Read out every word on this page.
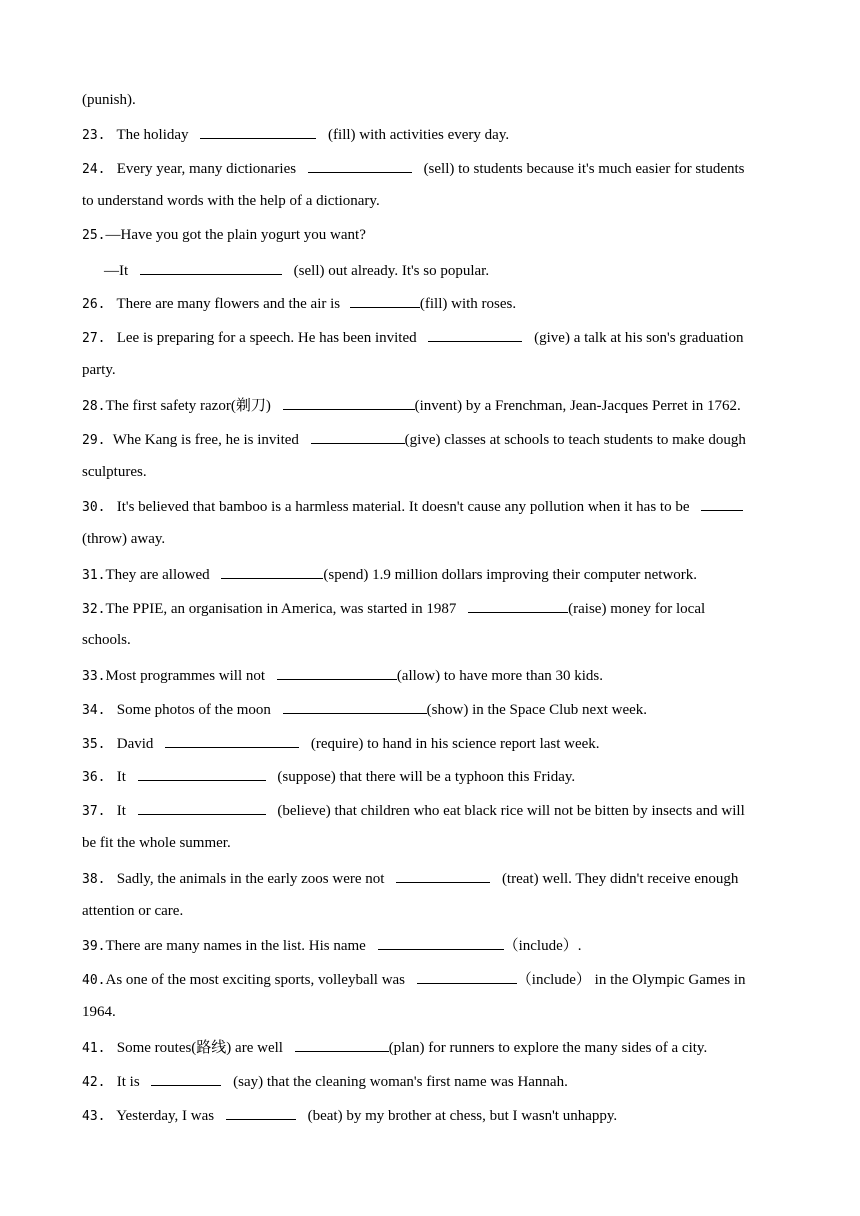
(punish).
23. The holiday	(fill) with activities every day.
24. Every year, many dictionaries	(sell) to students because it's much easier for students
to understand words with the help of a dictionary.
25.—Have you got the plain yogurt you want?
—It	(sell) out already. It's so popular.
26. There are many flowers and the air is	(fill) with roses.
27. Lee is preparing for a speech. He has been invited	(give) a talk at his son's graduation
party.
28.The first safety razor(剃刀)	(invent) by a Frenchman, Jean-Jacques Perret in 1762.
29. Whe Kang is free, he is invited	(give) classes at schools to teach students to make dough
sculptures.
30. It's believed that bamboo is a harmless material. It doesn't cause any pollution when it has to be
(throw) away.
31.They are allowed	(spend) 1.9 million dollars improving their computer network.
32.The PPIE, an organisation in America, was started in 1987	(raise) money for local
schools.
33.Most programmes will not	(allow) to have more than 30 kids.
34. Some photos of the moon	(show) in the Space Club next week.
35. David	(require) to hand in his science report last week.
36. It	(suppose) that there will be a typhoon this Friday.
37. It	(believe) that children who eat black rice will not be bitten by insects and will
be fit the whole summer.
38. Sadly, the animals in the early zoos were not	(treat) well. They didn't receive enough
attention or care.
39.There are many names in the list. His name	（include）.
40.As one of the most exciting sports, volleyball was	（include） in the Olympic Games in
1964.
41. Some routes(路线) are well	(plan) for runners to explore the many sides of a city.
42. It is	(say) that the cleaning woman's first name was Hannah.
43. Yesterday, I was	(beat) by my brother at chess, but I wasn't unhappy.
